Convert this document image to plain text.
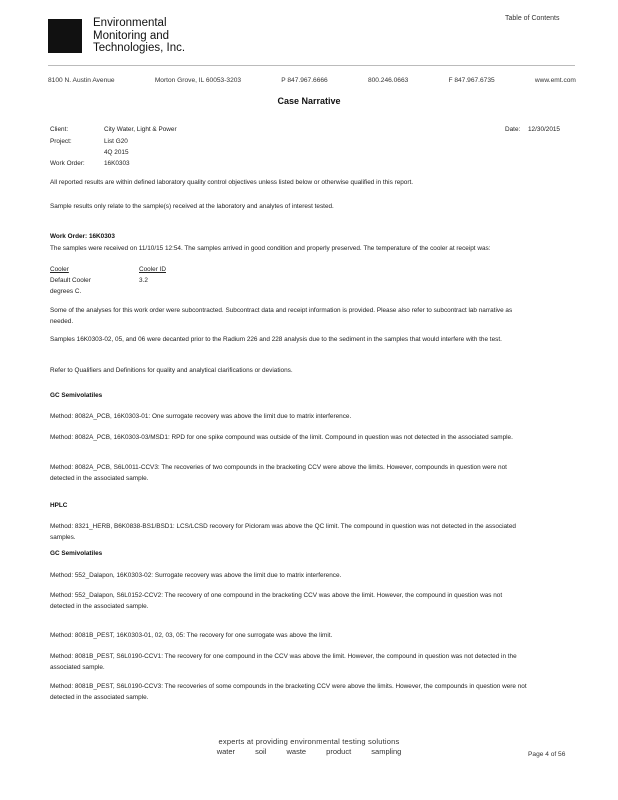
Environmental
Monitoring and
Technologies, Inc.
Table of Contents
8100 N. Austin Avenue	Morton Grove, IL 60053-3203	P 847.967.6666	800.246.0663	F 847.967.6735	www.emt.com
Case Narrative
Client:	City Water, Light & Power	Date: 12/30/2015
Project:	List G20
4Q 2015
Work Order:	16K0303
All reported results are within defined laboratory quality control objectives unless listed below or otherwise qualified in this report.
Sample results only relate to the sample(s) received at the laboratory and analytes of interest tested.
Work Order: 16K0303
The samples were received on 11/10/15 12:54. The samples arrived in good condition and properly preserved. The temperature of the cooler at receipt was:
Cooler	Cooler ID
Default Cooler	3.2
degrees C.
Some of the analyses for this work order were subcontracted. Subcontract data and receipt information is provided. Please also refer to subcontract lab narrative as needed.
Samples 16K0303-02, 05, and 06 were decanted prior to the Radium 226 and 228 analysis due to the sediment in the samples that would interfere with the test.
Refer to Qualifiers and Definitions for quality and analytical clarifications or deviations.
GC Semivolatiles
Method: 8082A_PCB, 16K0303-01: One surrogate recovery was above the limit due to matrix interference.
Method: 8082A_PCB, 16K0303-03/MSD1: RPD for one spike compound was outside of the limit. Compound in question was not detected in the associated sample.
Method: 8082A_PCB, S6L0011-CCV3: The recoveries of two compounds in the bracketing CCV were above the limits. However, compounds in question were not detected in the associated sample.
HPLC
Method: 8321_HERB, B6K0838-BS1/BSD1: LCS/LCSD recovery for Picloram was above the QC limit. The compound in question was not detected in the associated samples.
GC Semivolatiles
Method: 552_Dalapon, 16K0303-02: Surrogate recovery was above the limit due to matrix interference.
Method: 552_Dalapon, S6L0152-CCV2: The recovery of one compound in the bracketing CCV was above the limit. However, the compound in question was not detected in the associated sample.
Method: 8081B_PEST, 16K0303-01, 02, 03, 05: The recovery for one surrogate was above the limit.
Method: 8081B_PEST, S6L0190-CCV1: The recovery for one compound in the CCV was above the limit. However, the compound in question was not detected in the associated sample.
Method: 8081B_PEST, S6L0190-CCV3: The recoveries of some compounds in the bracketing CCV were above the limits. However, the compounds in question were not detected in the associated sample.
experts at providing environmental testing solutions
water	soil	waste	product	sampling	Page 4 of 56
